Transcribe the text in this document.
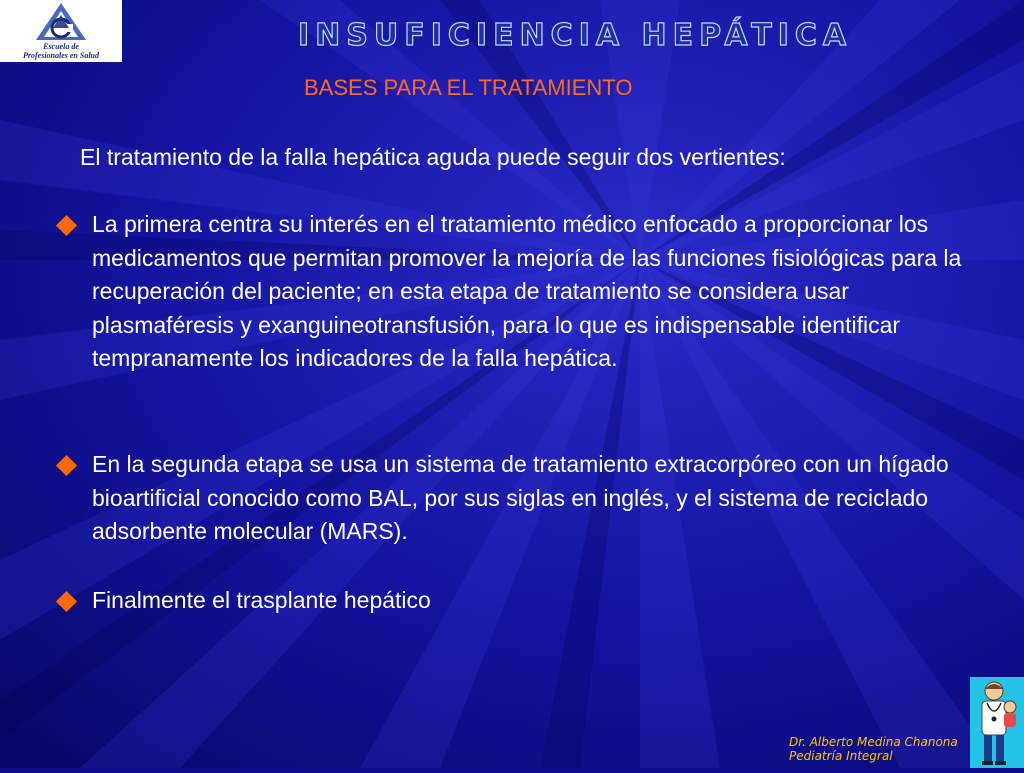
Escuela de
Profesionales en Salud
INSUFICIENCIA HEPÁTICA
BASES PARA EL TRATAMIENTO
El tratamiento de la falla hepática aguda puede seguir dos vertientes:
La primera centra su interés en el tratamiento médico enfocado a proporcionar los medicamentos que permitan promover la mejoría de las funciones fisiológicas para la recuperación del paciente; en esta etapa de tratamiento se considera usar plasmaféresis y exanguineotransfusión, para lo que es indispensable identificar tempranamente los indicadores de la falla hepática.
En la segunda etapa se usa un sistema de tratamiento extracorpóreo con un hígado bioartificial conocido como BAL, por sus siglas en inglés, y el sistema de reciclado adsorbente molecular (MARS).
Finalmente el trasplante hepático
Dr. Alberto Medina Chanona
Pediatría Integral
